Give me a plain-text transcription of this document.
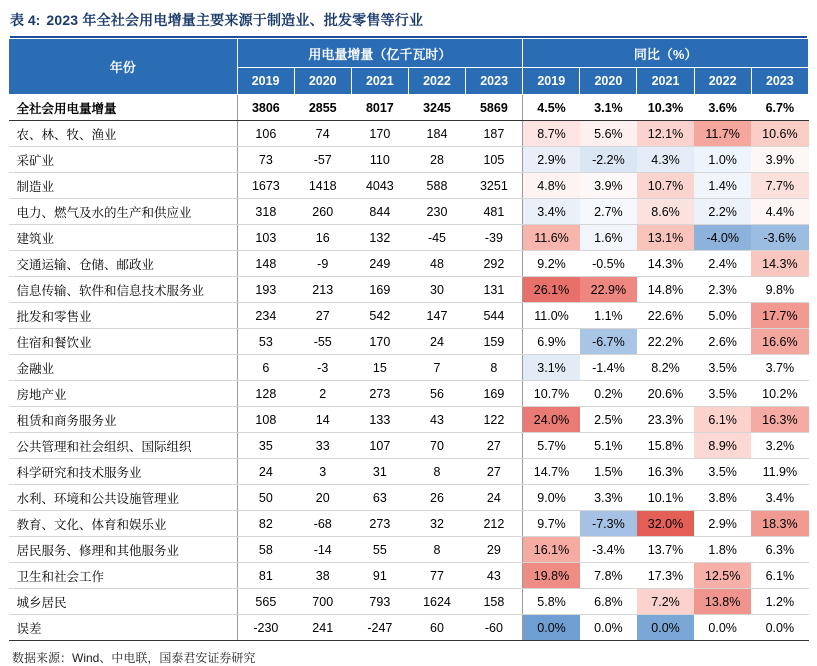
表 4: 2023 年全社会用电增量主要来源于制造业、批发零售等行业
年份	用电量增量（亿千瓦时）					同比（%）				
	2019	2020	2021	2022	2023	2019	2020	2021	2022	2023
全社会用电量增量	3806	2855	8017	3245	5869	4.5%	3.1%	10.3%	3.6%	6.7%
农、林、牧、渔业	106	74	170	184	187	8.7%	5.6%	12.1%	11.7%	10.6%
采矿业	73	-57	110	28	105	2.9%	-2.2%	4.3%	1.0%	3.9%
制造业	1673	1418	4043	588	3251	4.8%	3.9%	10.7%	1.4%	7.7%
电力、燃气及水的生产和供应业	318	260	844	230	481	3.4%	2.7%	8.6%	2.2%	4.4%
建筑业	103	16	132	-45	-39	11.6%	1.6%	13.1%	-4.0%	-3.6%
交通运输、仓储、邮政业	148	-9	249	48	292	9.2%	-0.5%	14.3%	2.4%	14.3%
信息传输、软件和信息技术服务业	193	213	169	30	131	26.1%	22.9%	14.8%	2.3%	9.8%
批发和零售业	234	27	542	147	544	11.0%	1.1%	22.6%	5.0%	17.7%
住宿和餐饮业	53	-55	170	24	159	6.9%	-6.7%	22.2%	2.6%	16.6%
金融业	6	-3	15	7	8	3.1%	-1.4%	8.2%	3.5%	3.7%
房地产业	128	2	273	56	169	10.7%	0.2%	20.6%	3.5%	10.2%
租赁和商务服务业	108	14	133	43	122	24.0%	2.5%	23.3%	6.1%	16.3%
公共管理和社会组织、国际组织	35	33	107	70	27	5.7%	5.1%	15.8%	8.9%	3.2%
科学研究和技术服务业	24	3	31	8	27	14.7%	1.5%	16.3%	3.5%	11.9%
水利、环境和公共设施管理业	50	20	63	26	24	9.0%	3.3%	10.1%	3.8%	3.4%
教育、文化、体育和娱乐业	82	-68	273	32	212	9.7%	-7.3%	32.0%	2.9%	18.3%
居民服务、修理和其他服务业	58	-14	55	8	29	16.1%	-3.4%	13.7%	1.8%	6.3%
卫生和社会工作	81	38	91	77	43	19.8%	7.8%	17.3%	12.5%	6.1%
城乡居民	565	700	793	1624	158	5.8%	6.8%	7.2%	13.8%	1.2%
误差	-230	241	-247	60	-60	0.0%	0.0%	0.0%	0.0%	0.0%
数据来源：Wind、中电联，国泰君安证券研究
